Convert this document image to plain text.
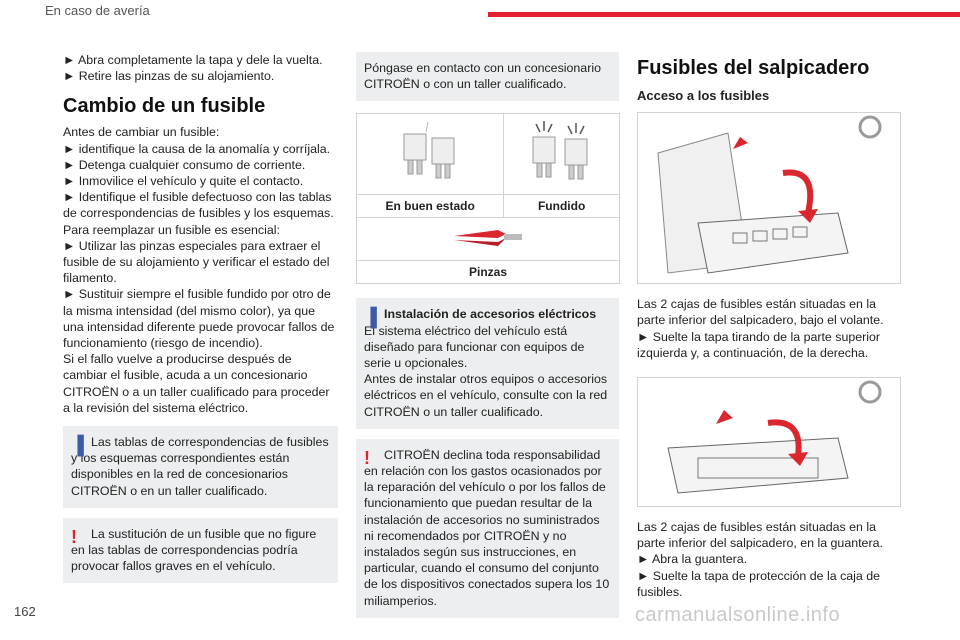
En caso de avería

► Abra completamente la tapa y dele la vuelta.

► Retire las pinzas de su alojamiento.

Cambio de un fusible

Antes de cambiar un fusible:

► identifique la causa de la anomalía y corríjala.

► Detenga cualquier consumo de corriente.

► Inmovilice el vehículo y quite el contacto.

► Identifique el fusible defectuoso con las tablas de correspondencias de fusibles y los esquemas.

Para reemplazar un fusible es esencial:

► Utilizar las pinzas especiales para extraer el fusible de su alojamiento y verificar el estado del filamento.

► Sustituir siempre el fusible fundido por otro de la misma intensidad (del mismo color), ya que una intensidad diferente puede provocar fallos de funcionamiento (riesgo de incendio).

Si el fallo vuelve a producirse después de cambiar el fusible, acuda a un concesionario CITROËN o a un taller cualificado para proceder a la revisión del sistema eléctrico.

▐ Las tablas de correspondencias de fusibles y los esquemas correspondientes están disponibles en la red de concesionarios CITROËN o en un taller cualificado.

!	La sustitución de un fusible que no figure en las tablas de correspondencias podría provocar fallos graves en el vehículo.

Póngase en contacto con un concesionario CITROËN o con un taller cualificado.

En buen estado	Fundido

Pinzas	
▐ Instalación de accesorios eléctricos

El sistema eléctrico del vehículo está diseñado para funcionar con equipos de serie u opcionales.
Antes de instalar otros equipos o accesorios eléctricos en el vehículo, consulte con la red CITROËN o un taller cualificado.

!	CITROËN declina toda responsabilidad en relación con los gastos ocasionados por la reparación del vehículo o por los fallos de funcionamiento que puedan resultar de la instalación de accesorios no suministrados ni recomendados por CITROËN y no instalados según sus instrucciones, en particular, cuando el consumo del conjunto de los dispositivos conectados supera los 10 miliamperios.

Fusibles del salpicadero
Acceso a los fusibles

Las 2 cajas de fusibles están situadas en la parte inferior del salpicadero, bajo el volante.

► Suelte la tapa tirando de la parte superior izquierda y, a continuación, de la derecha.

Las 2 cajas de fusibles están situadas en la parte inferior del salpicadero, en la guantera.

► Abra la guantera.

► Suelte la tapa de protección de la caja de fusibles.

162	carmanualsonline.info
